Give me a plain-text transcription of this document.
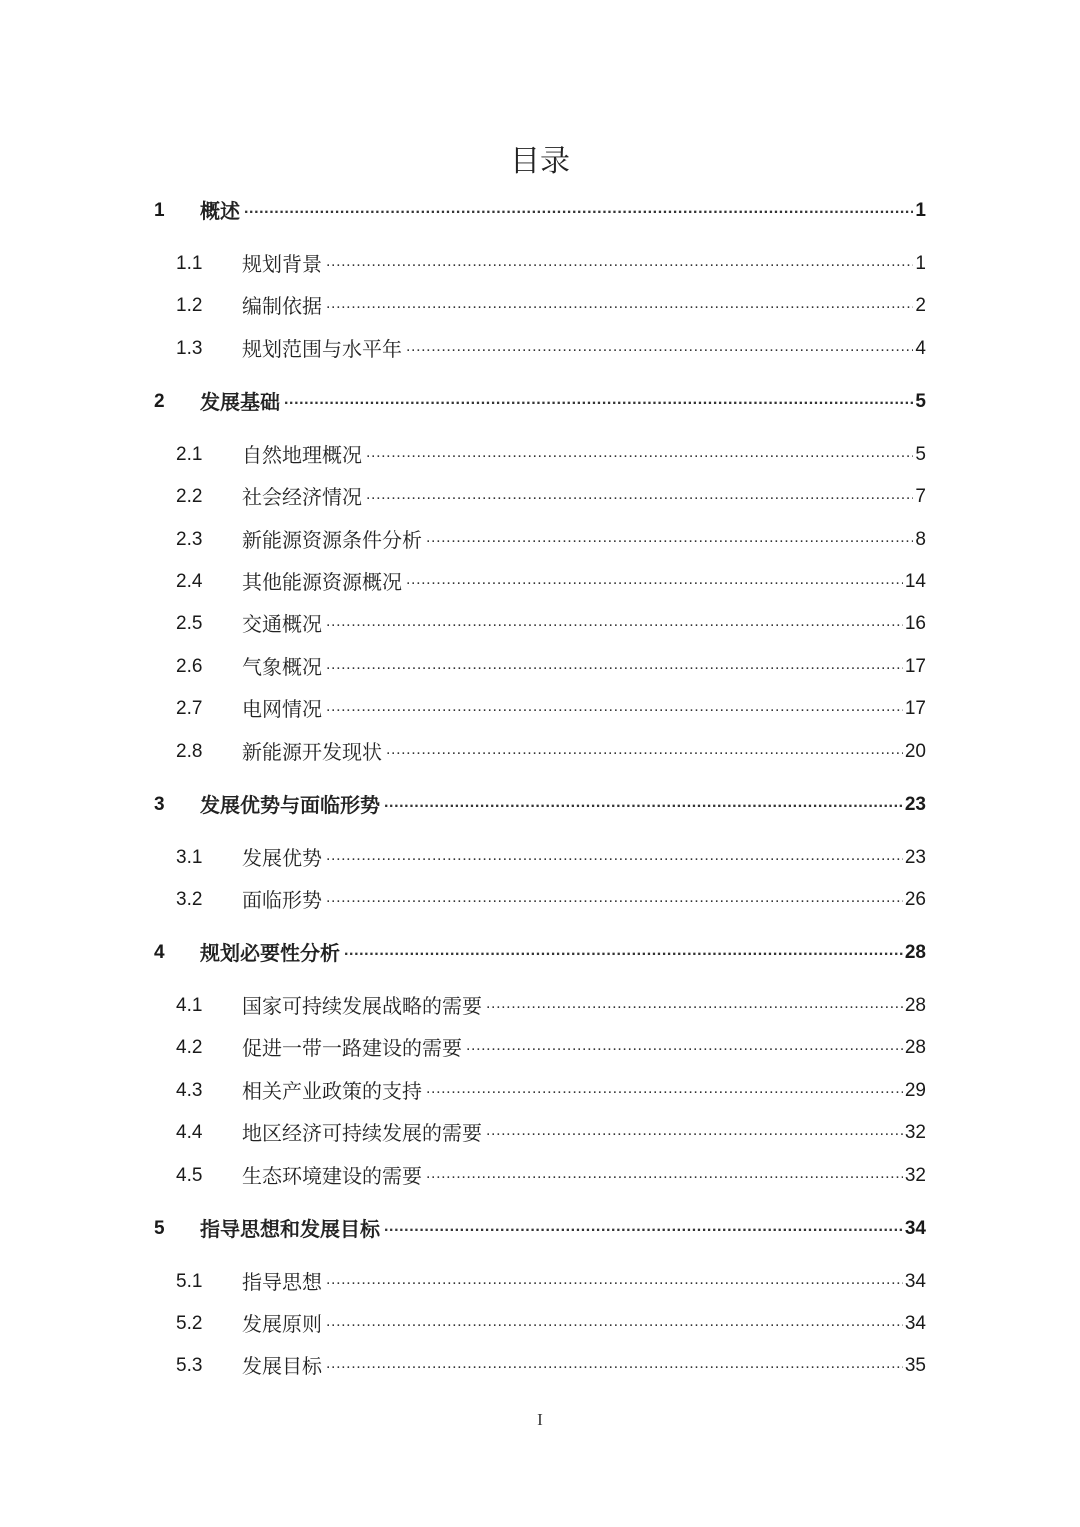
目录
1	概述 .....	1
1.1	规划背景 .....	1
1.2	编制依据 .....	2
1.3	规划范围与水平年 .....	4
2	发展基础 .....	5
2.1	自然地理概况 .....	5
2.2	社会经济情况 .....	7
2.3	新能源资源条件分析 .....	8
2.4	其他能源资源概况 .....	14
2.5	交通概况 .....	16
2.6	气象概况 .....	17
2.7	电网情况 .....	17
2.8	新能源开发现状 .....	20
3	发展优势与面临形势 .....	23
3.1	发展优势 .....	23
3.2	面临形势 .....	26
4	规划必要性分析 .....	28
4.1	国家可持续发展战略的需要 .....	28
4.2	促进一带一路建设的需要 .....	28
4.3	相关产业政策的支持 .....	29
4.4	地区经济可持续发展的需要 .....	32
4.5	生态环境建设的需要 .....	32
5	指导思想和发展目标 .....	34
5.1	指导思想 .....	34
5.2	发展原则 .....	34
5.3	发展目标 .....	35
I
